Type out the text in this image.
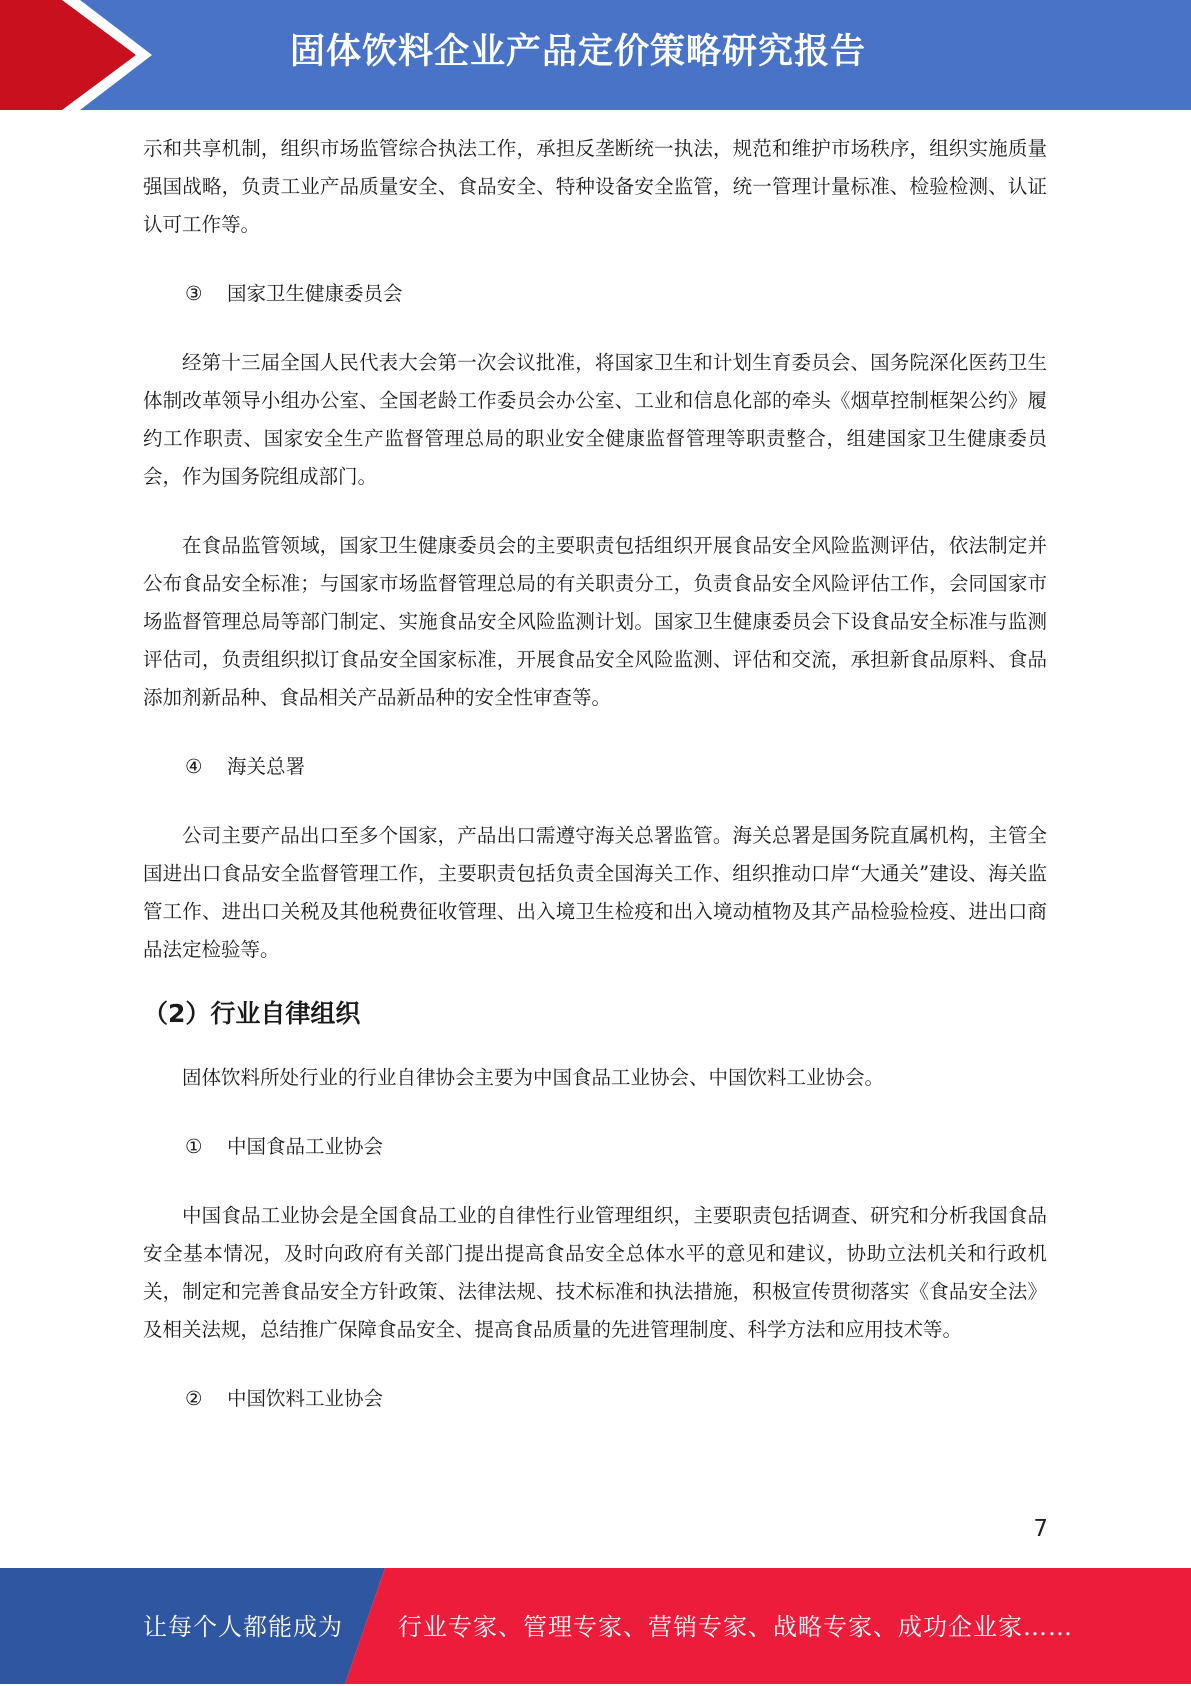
固体饮料企业产品定价策略研究报告

示和共享机制，组织市场监管综合执法工作，承担反垄断统一执法，规范和维护市场秩序，组织实施质量强国战略，负责工业产品质量安全、食品安全、特种设备安全监管，统一管理计量标准、检验检测、认证认可工作等。

③ 国家卫生健康委员会

经第十三届全国人民代表大会第一次会议批准，将国家卫生和计划生育委员会、国务院深化医药卫生体制改革领导小组办公室、全国老龄工作委员会办公室、工业和信息化部的牵头《烟草控制框架公约》履约工作职责、国家安全生产监督管理总局的职业安全健康监督管理等职责整合，组建国家卫生健康委员会，作为国务院组成部门。

在食品监管领域，国家卫生健康委员会的主要职责包括组织开展食品安全风险监测评估，依法制定并公布食品安全标准；与国家市场监督管理总局的有关职责分工，负责食品安全风险评估工作，会同国家市场监督管理总局等部门制定、实施食品安全风险监测计划。国家卫生健康委员会下设食品安全标准与监测评估司，负责组织拟订食品安全国家标准，开展食品安全风险监测、评估和交流，承担新食品原料、食品添加剂新品种、食品相关产品新品种的安全性审查等。

④ 海关总署

公司主要产品出口至多个国家，产品出口需遵守海关总署监管。海关总署是国务院直属机构，主管全国进出口食品安全监督管理工作，主要职责包括负责全国海关工作、组织推动口岸“大通关”建设、海关监管工作、进出口关税及其他税费征收管理、出入境卫生检疫和出入境动植物及其产品检验检疫、进出口商品法定检验等。

（2）行业自律组织

固体饮料所处行业的行业自律协会主要为中国食品工业协会、中国饮料工业协会。

① 中国食品工业协会

中国食品工业协会是全国食品工业的自律性行业管理组织，主要职责包括调查、研究和分析我国食品安全基本情况，及时向政府有关部门提出提高食品安全总体水平的意见和建议，协助立法机关和行政机关，制定和完善食品安全方针政策、法律法规、技术标准和执法措施，积极宣传贯彻落实《食品安全法》及相关法规，总结推广保障食品安全、提高食品质量的先进管理制度、科学方法和应用技术等。

② 中国饮料工业协会

7
让每个人都能成为 行业专家、管理专家、营销专家、战略专家、成功企业家……
